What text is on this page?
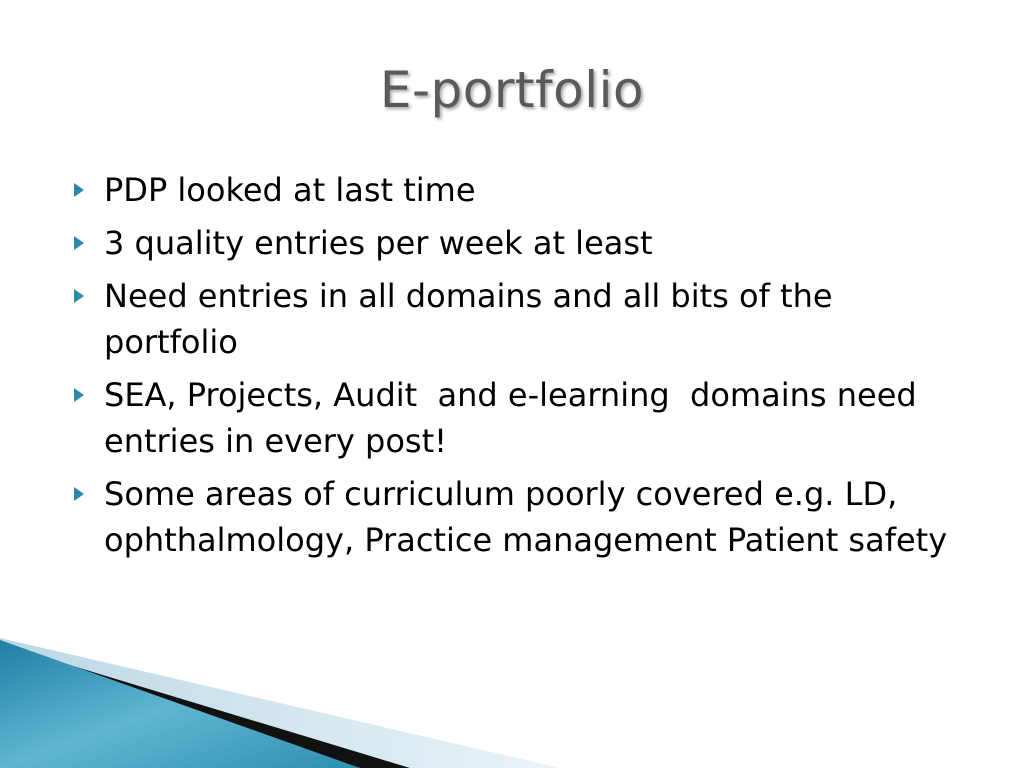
E-portfolio
PDP looked at last time
3 quality entries per week at least
Need entries in all domains and all bits of the portfolio
SEA, Projects, Audit  and e-learning  domains need entries in every post!
Some areas of curriculum poorly covered e.g. LD, ophthalmology, Practice management Patient safety
